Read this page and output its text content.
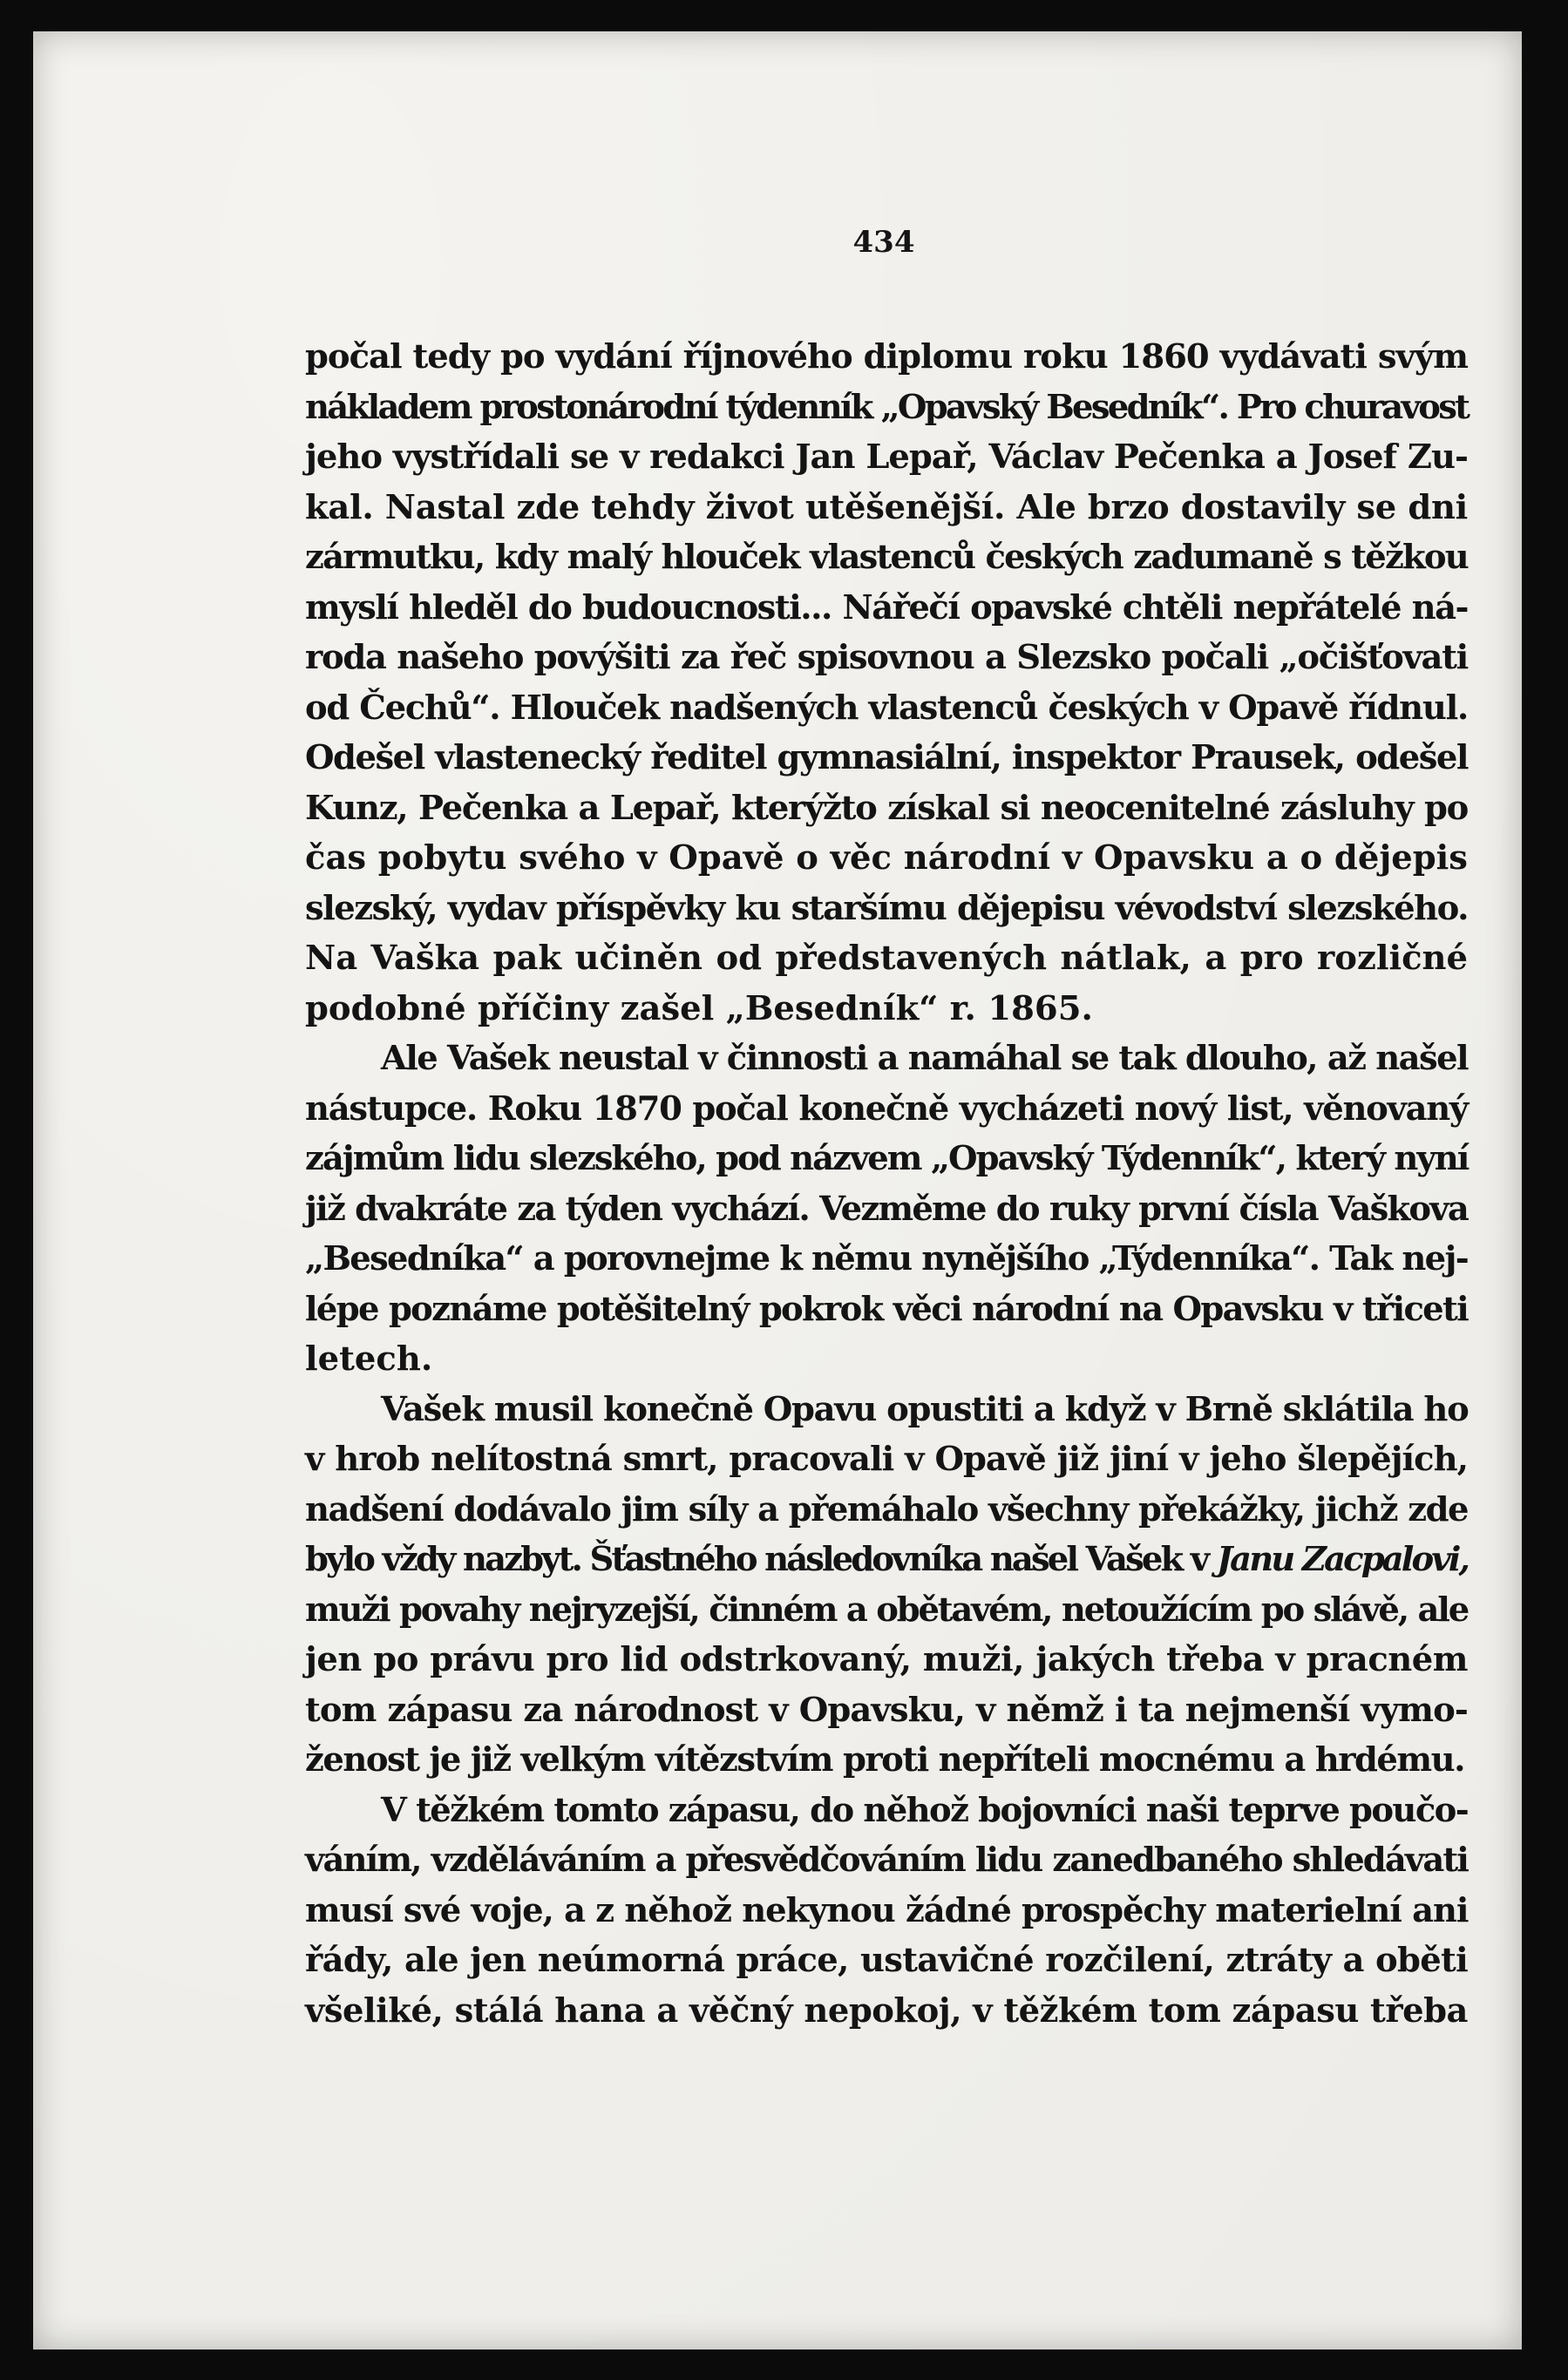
434
počal tedy po vydání říjnového diplomu roku 1860 vydávati svým
nákladem prostonárodní týdenník „Opavský Besedník“. Pro churavost
jeho vystřídali se v redakci Jan Lepař, Václav Pečenka a Josef Zu-
kal. Nastal zde tehdy život utěšenější. Ale brzo dostavily se dni
zármutku, kdy malý hlouček vlastenců českých zadumaně s těžkou
myslí hleděl do budoucnosti... Nářečí opavské chtěli nepřátelé ná-
roda našeho povýšiti za řeč spisovnou a Slezsko počali „očišťovati
od Čechů“. Hlouček nadšených vlastenců českých v Opavě řídnul.
Odešel vlastenecký ředitel gymnasiální, inspektor Prausek, odešel
Kunz, Pečenka a Lepař, kterýžto získal si neocenitelné zásluhy po
čas pobytu svého v Opavě o věc národní v Opavsku a o dějepis
slezský, vydav příspěvky ku staršímu dějepisu vévodství slezského.
Na Vaška pak učiněn od představených nátlak, a pro rozličné
podobné příčiny zašel „Besedník“ r. 1865.
Ale Vašek neustal v činnosti a namáhal se tak dlouho, až našel
nástupce. Roku 1870 počal konečně vycházeti nový list, věnovaný
zájmům lidu slezského, pod názvem „Opavský Týdenník“, který nyní
již dvakráte za týden vychází. Vezměme do ruky první čísla Vaškova
„Besedníka“ a porovnejme k němu nynějšího „Týdenníka“. Tak nej-
lépe poznáme potěšitelný pokrok věci národní na Opavsku v třiceti
letech.
Vašek musil konečně Opavu opustiti a když v Brně sklátila ho
v hrob nelítostná smrt, pracovali v Opavě již jiní v jeho šlepějích,
nadšení dodávalo jim síly a přemáhalo všechny překážky, jichž zde
bylo vždy nazbyt. Šťastného následovníka našel Vašek v Janu Zacpalovi,
muži povahy nejryzejší, činném a obětavém, netoužícím po slávě, ale
jen po právu pro lid odstrkovaný, muži, jakých třeba v pracném
tom zápasu za národnost v Opavsku, v němž i ta nejmenší vymo-
ženost je již velkým vítězstvím proti nepříteli mocnému a hrdému.
V těžkém tomto zápasu, do něhož bojovníci naši teprve poučo-
váním, vzděláváním a přesvědčováním lidu zanedbaného shledávati
musí své voje, a z něhož nekynou žádné prospěchy materielní ani
řády, ale jen neúmorná práce, ustavičné rozčilení, ztráty a oběti
všeliké, stálá hana a věčný nepokoj, v těžkém tom zápasu třeba
